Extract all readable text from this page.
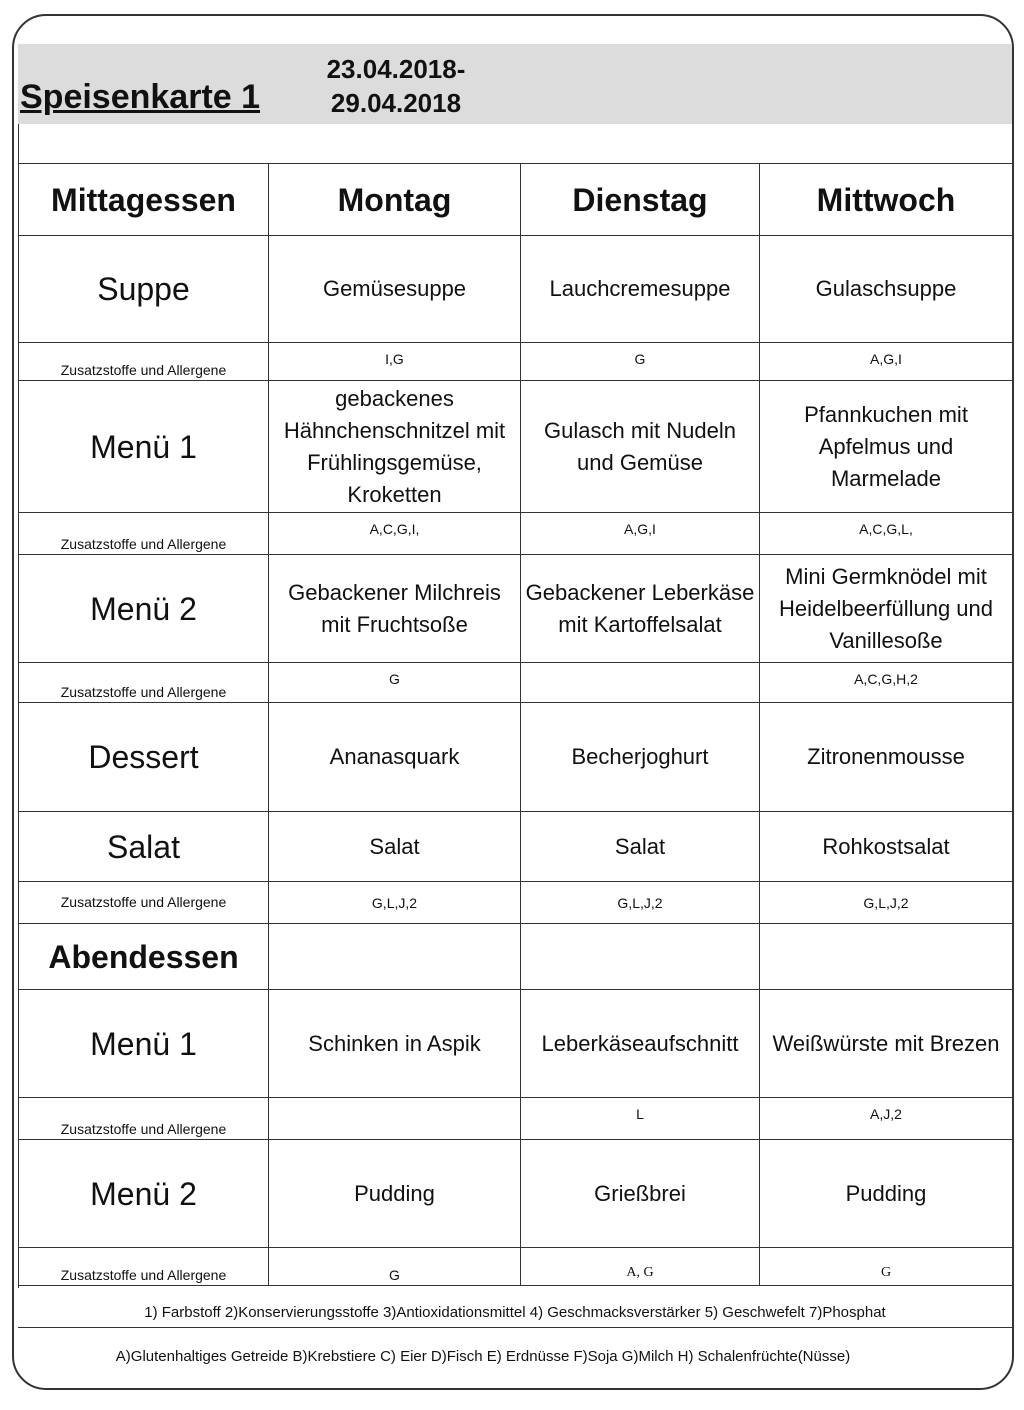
Speisenkarte 1
23.04.2018-
29.04.2018
Mittagessen	Montag	Dienstag	Mittwoch
Suppe	Gemüsesuppe	Lauchcremesuppe	Gulaschsuppe
Zusatzstoffe und Allergene	I,G	G	A,G,I
Menü 1	gebackenes Hähnchenschnitzel mit Frühlingsgemüse, Kroketten	Gulasch mit Nudeln und Gemüse	Pfannkuchen mit Apfelmus und Marmelade
Zusatzstoffe und Allergene	A,C,G,I,	A,G,I	A,C,G,L,
Menü 2	Gebackener Milchreis mit Fruchtsoße	Gebackener Leberkäse mit Kartoffelsalat	Mini Germknödel mit Heidelbeerfüllung und Vanillesoße
Zusatzstoffe und Allergene	G		A,C,G,H,2
Dessert	Ananasquark	Becherjoghurt	Zitronenmousse
Salat	Salat	Salat	Rohkostsalat
Zusatzstoffe und Allergene	G,L,J,2	G,L,J,2	G,L,J,2
Abendessen			
Menü 1	Schinken in Aspik	Leberkäseaufschnitt	Weißwürste mit Brezen
Zusatzstoffe und Allergene		L	A,J,2
Menü 2	Pudding	Grießbrei	Pudding
Zusatzstoffe und Allergene	G	A, G	G
1) Farbstoff 2)Konservierungsstoffe 3)Antioxidationsmittel 4) Geschmacksverstärker 5) Geschwefelt 7)Phosphat
A)Glutenhaltiges Getreide B)Krebstiere C) Eier D)Fisch E) Erdnüsse F)Soja G)Milch H) Schalenfrüchte(Nüsse)
